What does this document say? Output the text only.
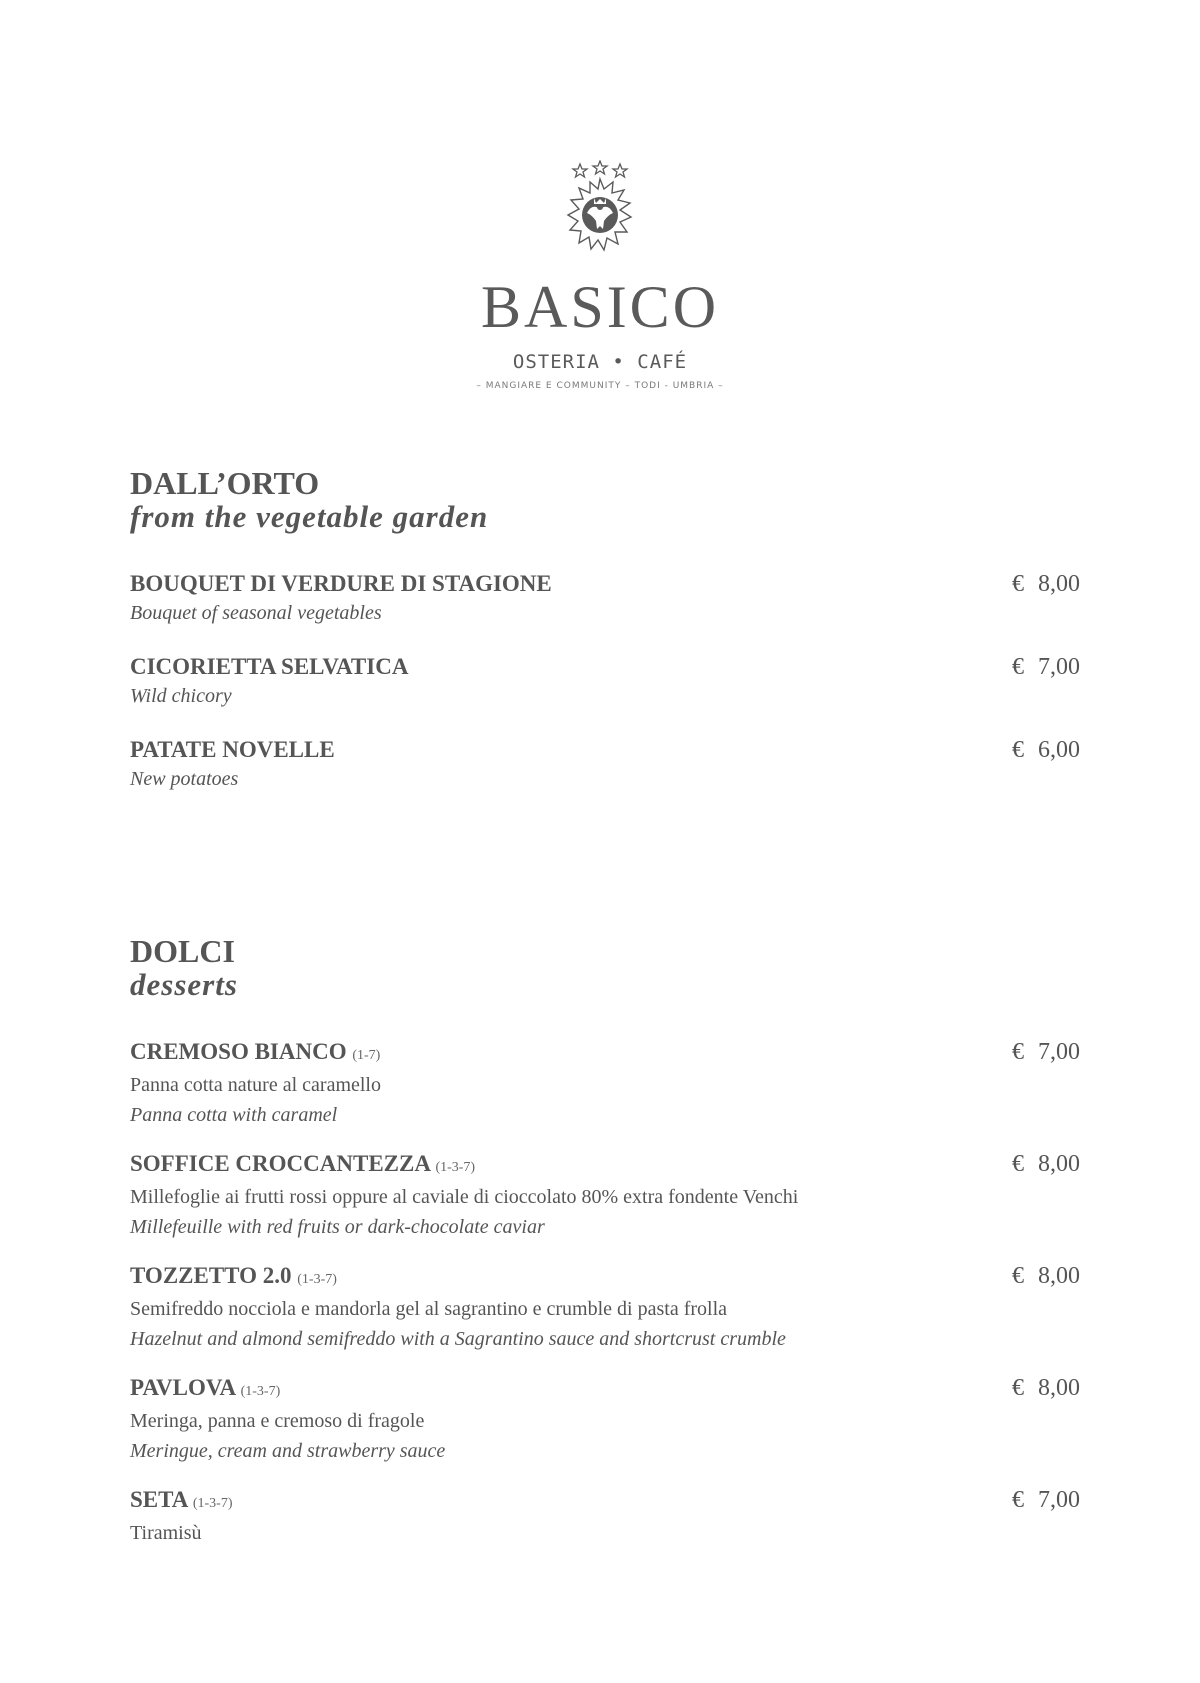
BASICO
OSTERIA • CAFÉ
– MANGIARE E COMMUNITY – TODI - UMBRIA –
DALL’ORTO
from the vegetable garden
BOUQUET DI VERDURE DI STAGIONE
Bouquet of seasonal vegetables
€ 8,00
CICORIETTA SELVATICA
Wild chicory
€ 7,00
PATATE NOVELLE
New potatoes
€ 6,00
DOLCI
desserts
CREMOSO BIANCO (1-7)
Panna cotta nature al caramello
Panna cotta with caramel
€ 7,00
SOFFICE CROCCANTEZZA (1-3-7)
Millefoglie ai frutti rossi oppure al caviale di cioccolato 80% extra fondente Venchi
Millefeuille with red fruits or dark-chocolate caviar
€ 8,00
TOZZETTO 2.0 (1-3-7)
Semifreddo nocciola e mandorla gel al sagrantino e crumble di pasta frolla
Hazelnut and almond semifreddo with a Sagrantino sauce and shortcrust crumble
€ 8,00
PAVLOVA (1-3-7)
Meringa, panna e cremoso di fragole
Meringue, cream and strawberry sauce
€ 8,00
SETA (1-3-7)
Tiramisù
€ 7,00
